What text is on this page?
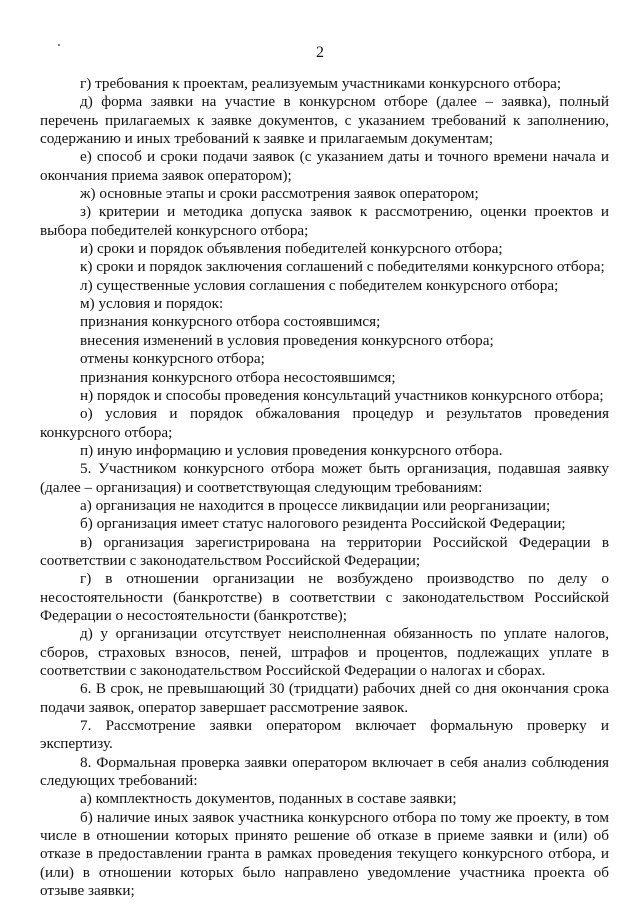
2

г) требования к проектам, реализуемым участниками конкурсного отбора;

д) форма заявки на участие в конкурсном отборе (далее – заявка), полный перечень прилагаемых к заявке документов, с указанием требований к заполнению, содержанию и иных требований к заявке и прилагаемым документам;

е) способ и сроки подачи заявок (с указанием даты и точного времени начала и окончания приема заявок оператором);

ж) основные этапы и сроки рассмотрения заявок оператором;

з) критерии и методика допуска заявок к рассмотрению, оценки проектов и выбора победителей конкурсного отбора;

и) сроки и порядок объявления победителей конкурсного отбора;

к) сроки и порядок заключения соглашений с победителями конкурсного отбора;

л) существенные условия соглашения с победителем конкурсного отбора;

м) условия и порядок:

признания конкурсного отбора состоявшимся;

внесения изменений в условия проведения конкурсного отбора;

отмены конкурсного отбора;

признания конкурсного отбора несостоявшимся;

н) порядок и способы проведения консультаций участников конкурсного отбора;

о) условия и порядок обжалования процедур и результатов проведения конкурсного отбора;

п) иную информацию и условия проведения конкурсного отбора.

5. Участником конкурсного отбора может быть организация, подавшая заявку (далее – организация) и соответствующая следующим требованиям:

а) организация не находится в процессе ликвидации или реорганизации;

б) организация имеет статус налогового резидента Российской Федерации;

в) организация зарегистрирована на территории Российской Федерации в соответствии с законодательством Российской Федерации;

г) в отношении организации не возбуждено производство по делу о несостоятельности (банкротстве) в соответствии с законодательством Российской Федерации о несостоятельности (банкротстве);

д) у организации отсутствует неисполненная обязанность по уплате налогов, сборов, страховых взносов, пеней, штрафов и процентов, подлежащих уплате в соответствии с законодательством Российской Федерации о налогах и сборах.

6. В срок, не превышающий 30 (тридцати) рабочих дней со дня окончания срока подачи заявок, оператор завершает рассмотрение заявок.

7. Рассмотрение заявки оператором включает формальную проверку и экспертизу.

8. Формальная проверка заявки оператором включает в себя анализ соблюдения следующих требований:

а) комплектность документов, поданных в составе заявки;

б) наличие иных заявок участника конкурсного отбора по тому же проекту, в том числе в отношении которых принято решение об отказе в приеме заявки и (или) об отказе в предоставлении гранта в рамках проведения текущего конкурсного отбора, и (или) в отношении которых было направлено уведомление участника проекта об отзыве заявки;
